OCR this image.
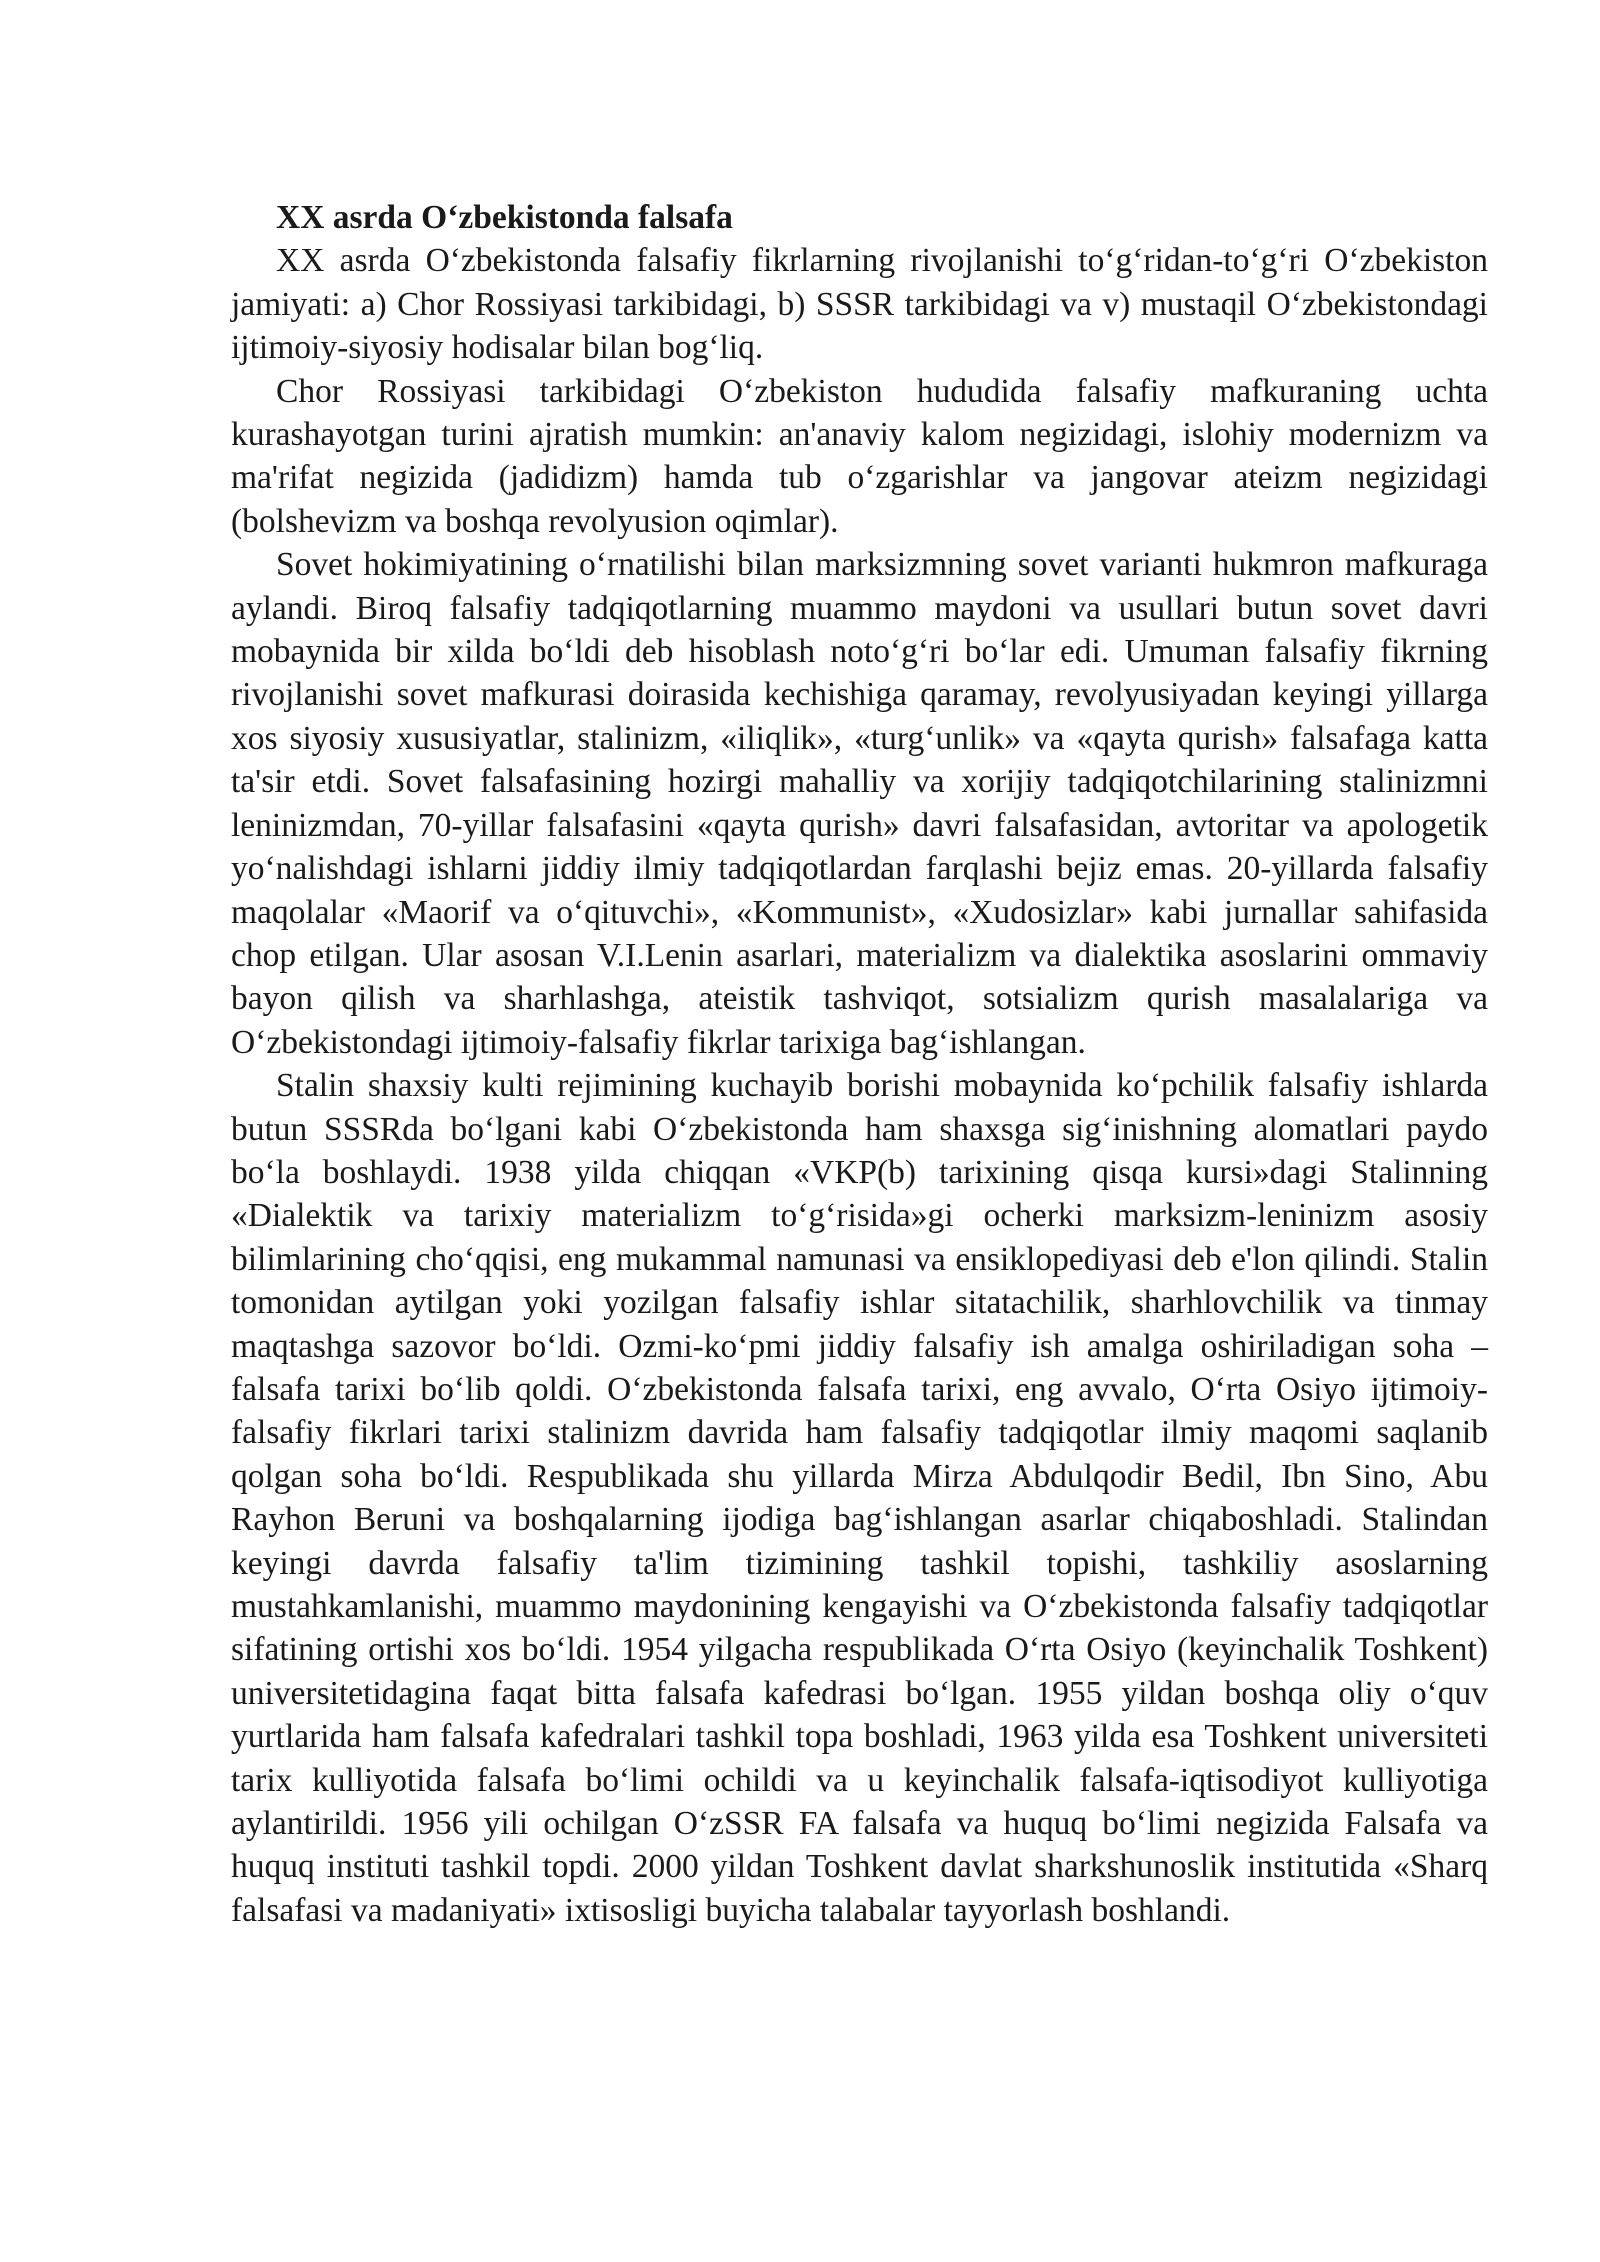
XX asrda O‘zbekistonda falsafa

XX asrda O‘zbekistonda falsafiy fikrlarning rivojlanishi to‘g‘ridan-to‘g‘ri O‘zbekiston jamiyati: a) Chor Rossiyasi tarkibidagi, b) SSSR tarkibidagi va v) mustaqil O‘zbekistondagi ijtimoiy-siyosiy hodisalar bilan bog‘liq.

Chor Rossiyasi tarkibidagi O‘zbekiston hududida falsafiy mafkuraning uchta kurashayotgan turini ajratish mumkin: an'anaviy kalom negizidagi, islohiy modernizm va ma'rifat negizida (jadidizm) hamda tub o‘zgarishlar va jangovar ateizm negizidagi (bolshevizm va boshqa revolyusion oqimlar).

Sovet hokimiyatining o‘rnatilishi bilan marksizmning sovet varianti hukmron mafkuraga aylandi. Biroq falsafiy tadqiqotlarning muammo maydoni va usullari butun sovet davri mobaynida bir xilda bo‘ldi deb hisoblash noto‘g‘ri bo‘lar edi. Umuman falsafiy fikrning rivojlanishi sovet mafkurasi doirasida kechishiga qaramay, revolyusiyadan keyingi yillarga xos siyosiy xususiyatlar, stalinizm, «iliqlik», «turg‘unlik» va «qayta qurish» falsafaga katta ta'sir etdi. Sovet falsafasining hozirgi mahalliy va xorijiy tadqiqotchilarining stalinizmni leninizmdan, 70-yillar falsafasini «qayta qurish» davri falsafasidan, avtoritar va apologetik yo‘nalishdagi ishlarni jiddiy ilmiy tadqiqotlardan farqlashi bejiz emas. 20-yillarda falsafiy maqolalar «Maorif va o‘qituvchi», «Kommunist», «Xudosizlar» kabi jurnallar sahifasida chop etilgan. Ular asosan V.I.Lenin asarlari, materializm va dialektika asoslarini ommaviy bayon qilish va sharhlashga, ateistik tashviqot, sotsializm qurish masalalariga va O‘zbekistondagi ijtimoiy-falsafiy fikrlar tarixiga bag‘ishlangan.

Stalin shaxsiy kulti rejimining kuchayib borishi mobaynida ko‘pchilik falsafiy ishlarda butun SSSRda bo‘lgani kabi O‘zbekistonda ham shaxsga sig‘inishning alomatlari paydo bo‘la boshlaydi. 1938 yilda chiqqan «VKP(b) tarixining qisqa kursi»dagi Stalinning «Dialektik va tarixiy materializm to‘g‘risida»gi ocherki marksizm-leninizm asosiy bilimlarining cho‘qqisi, eng mukammal namunasi va ensiklopediyasi deb e'lon qilindi. Stalin tomonidan aytilgan yoki yozilgan falsafiy ishlar sitatachilik, sharhlovchilik va tinmay maqtashga sazovor bo‘ldi. Ozmi-ko‘pmi jiddiy falsafiy ish amalga oshiriladigan soha – falsafa tarixi bo‘lib qoldi. O‘zbekistonda falsafa tarixi, eng avvalo, O‘rta Osiyo ijtimoiy-falsafiy fikrlari tarixi stalinizm davrida ham falsafiy tadqiqotlar ilmiy maqomi saqlanib qolgan soha bo‘ldi. Respublikada shu yillarda Mirza Abdulqodir Bedil, Ibn Sino, Abu Rayhon Beruni va boshqalarning ijodiga bag‘ishlangan asarlar chiqaboshladi. Stalindan keyingi davrda falsafiy ta'lim tizimining tashkil topishi, tashkiliy asoslarning mustahkamlanishi, muammo maydonining kengayishi va O‘zbekistonda falsafiy tadqiqotlar sifatining ortishi xos bo‘ldi. 1954 yilgacha respublikada O‘rta Osiyo (keyinchalik Toshkent) universitetidagina faqat bitta falsafa kafedrasi bo‘lgan. 1955 yildan boshqa oliy o‘quv yurtlarida ham falsafa kafedralari tashkil topa boshladi, 1963 yilda esa Toshkent universiteti tarix kulliyotida falsafa bo‘limi ochildi va u keyinchalik falsafa-iqtisodiyot kulliyotiga aylantirildi. 1956 yili ochilgan O‘zSSR FA falsafa va huquq bo‘limi negizida Falsafa va huquq instituti tashkil topdi. 2000 yildan Toshkent davlat sharkshunoslik institutida «Sharq falsafasi va madaniyati» ixtisosligi buyicha talabalar tayyorlash boshlandi.
